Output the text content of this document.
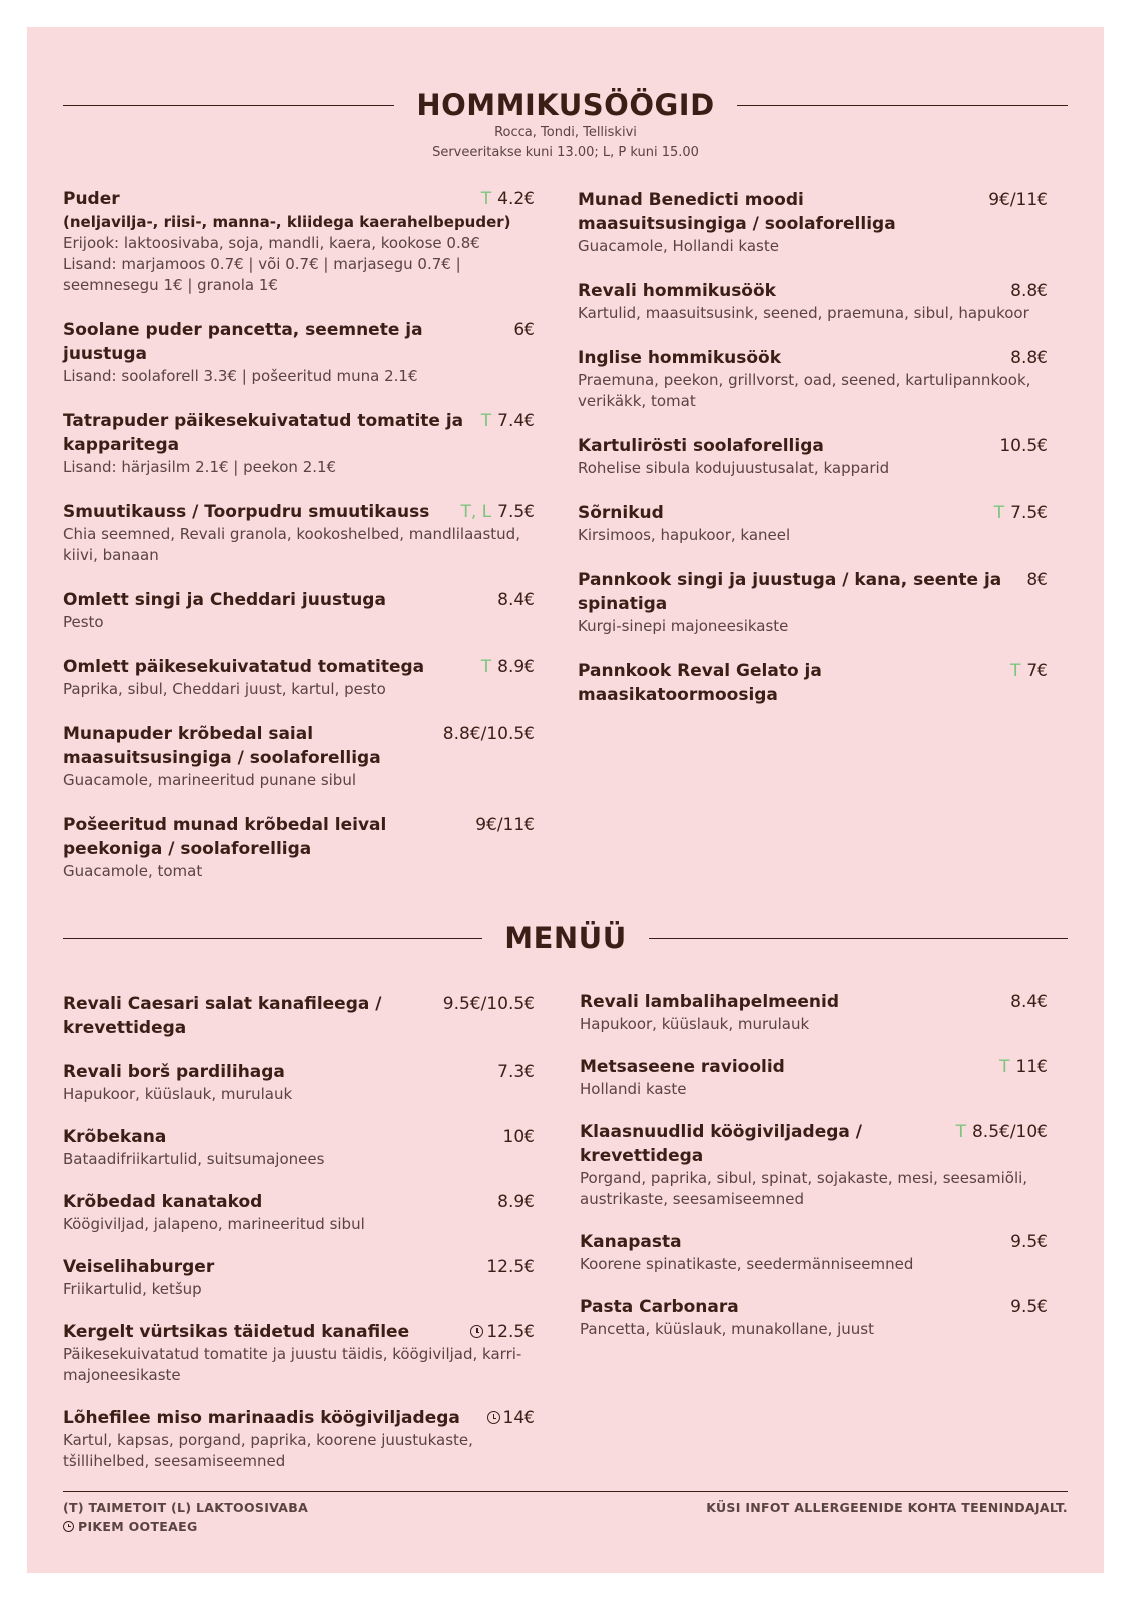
HOMMIKUSÖÖGID
Rocca, Tondi, Telliskivi
Serveeritakse kuni 13.00; L, P kuni 15.00
Puder	T 4.2€
(neljavilja-, riisi-, manna-, kliidega kaerahelbepuder)
Erijook: laktoosivaba, soja, mandli, kaera, kookose 0.8€
Lisand: marjamoos 0.7€ | või 0.7€ | marjasegu 0.7€ | seemnesegu 1€ | granola 1€
Soolane puder pancetta, seemnete ja juustuga
6€
Lisand: soolaforell 3.3€ | pošeeritud muna 2.1€
Tatrapuder päikesekuivatatud tomatite ja kapparitega
T 7.4€
Lisand: härjasilm 2.1€ | peekon 2.1€
Smuutikauss / Toorpudru smuutikauss	T, L 7.5€
Chia seemned, Revali granola, kookoshelbed, mandlilaastud, kiivi, banaan
Omlett singi ja Cheddari juustuga	8.4€
Pesto
Omlett päikesekuivatatud tomatitega	T 8.9€
Paprika, sibul, Cheddari juust, kartul, pesto
Munapuder krõbedal saial maasuitsusingiga / soolaforelliga
8.8€/10.5€
Guacamole, marineeritud punane sibul
Pošeeritud munad krõbedal leival peekoniga / soolaforelliga
9€/11€
Guacamole, tomat
Munad Benedicti moodi maasuitsusingiga / soolaforelliga
9€/11€
Guacamole, Hollandi kaste
Revali hommikusöök	8.8€
Kartulid, maasuitsusink, seened, praemuna, sibul, hapukoor
Inglise hommikusöök	8.8€
Praemuna, peekon, grillvorst, oad, seened, kartulipannkook, verikäkk, tomat
Kartulirösti soolaforelliga	10.5€
Rohelise sibula kodujuustusalat, kapparid
Sõrnikud	T 7.5€
Kirsimoos, hapukoor, kaneel
Pannkook singi ja juustuga / kana, seente ja spinatiga
8€
Kurgi-sinepi majoneesikaste
Pannkook Reval Gelato ja maasikatoormoosiga
T 7€
MENÜÜ
Revali Caesari salat kanafileega / krevettidega
9.5€/10.5€
Revali borš pardilihaga	7.3€
Hapukoor, küüslauk, murulauk
Krõbekana	10€
Bataadifriikartulid, suitsumajonees
Krõbedad kanatakod	8.9€
Köögiviljad, jalapeno, marineeritud sibul
Veiselihaburger	12.5€
Friikartulid, ketšup
Kergelt vürtsikas täidetud kanafilee	12.5€
Päikesekuivatatud tomatite ja juustu täidis, köögiviljad, karri-majoneesikaste
Lõhefilee miso marinaadis köögiviljadega	14€
Kartul, kapsas, porgand, paprika, koorene juustukaste, tšillihelbed, seesamiseemned
Revali lambalihapelmeenid	8.4€
Hapukoor, küüslauk, murulauk
Metsaseene ravioolid	T 11€
Hollandi kaste
Klaasnuudlid köögiviljadega / krevettidega
T 8.5€/10€
Porgand, paprika, sibul, spinat, sojakaste, mesi, seesamiõli, austrikaste, seesamiseemned
Kanapasta	9.5€
Koorene spinatikaste, seedermänniseemned
Pasta Carbonara	9.5€
Pancetta, küüslauk, munakollane, juust
(T) TAIMETOIT (L) LAKTOOSIVABA
PIKEM OOTEAEG
KÜSI INFOT ALLERGEENIDE KOHTA TEENINDAJALT.
